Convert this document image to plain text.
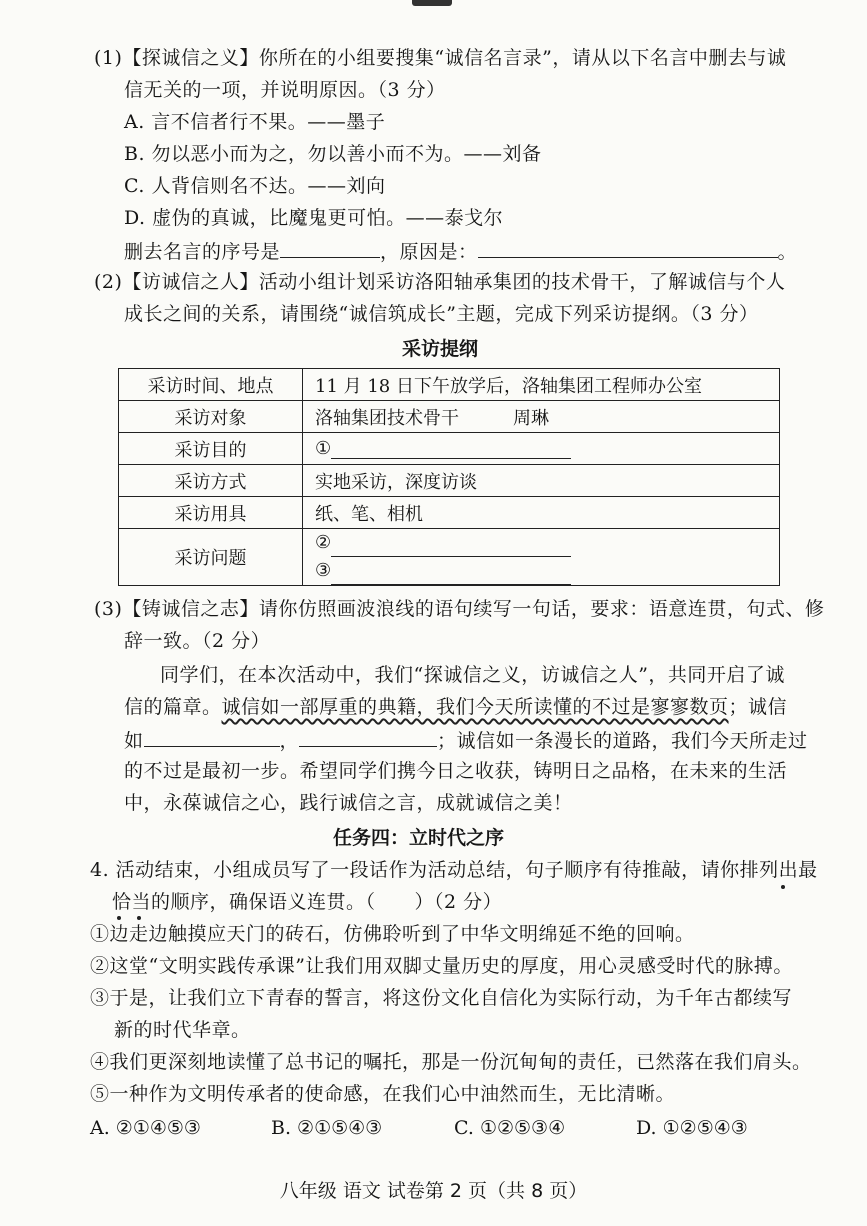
(1)【探诚信之义】你所在的小组要搜集“诚信名言录”，请从以下名言中删去与诚
信无关的一项，并说明原因。（3 分）
A. 言不信者行不果。——墨子
B. 勿以恶小而为之，勿以善小而不为。——刘备
C. 人背信则名不达。——刘向
D. 虚伪的真诚，比魔鬼更可怕。——泰戈尔
删去名言的序号是	，原因是：	。
(2)【访诚信之人】活动小组计划采访洛阳轴承集团的技术骨干，了解诚信与个人
成长之间的关系，请围绕“诚信筑成长”主题，完成下列采访提纲。（3 分）
采访提纲
采访时间、地点	11 月 18 日下午放学后，洛轴集团工程师办公室
采访对象	洛轴集团技术骨干　　　周琳
采访目的	①
采访方式	实地采访，深度访谈
采访用具	纸、笔、相机
采访问题	②
③
(3)【铸诚信之志】请你仿照画波浪线的语句续写一句话，要求：语意连贯，句式、修
辞一致。（2 分）
同学们，在本次活动中，我们“探诚信之义，访诚信之人”，共同开启了诚
信的篇章。诚信如一部厚重的典籍，我们今天所读懂的不过是寥寥数页；诚信
如	，	；诚信如一条漫长的道路，我们今天所走过
的不过是最初一步。希望同学们携今日之收获，铸明日之品格，在未来的生活
中，永葆诚信之心，践行诚信之言，成就诚信之美！
任务四：立时代之序
4. 活动结束，小组成员写了一段话作为活动总结，句子顺序有待推敲，请你排列出最
恰当的顺序，确保语义连贯。（　　）（2 分）
①边走边触摸应天门的砖石，仿佛聆听到了中华文明绵延不绝的回响。
②这堂“文明实践传承课”让我们用双脚丈量历史的厚度，用心灵感受时代的脉搏。
③于是，让我们立下青春的誓言，将这份文化自信化为实际行动，为千年古都续写
新的时代华章。
④我们更深刻地读懂了总书记的嘱托，那是一份沉甸甸的责任，已然落在我们肩头。
⑤一种作为文明传承者的使命感，在我们心中油然而生，无比清晰。
A. ②①④⑤③	B. ②①⑤④③	C. ①②⑤③④	D. ①②⑤④③
八年级 语文 试卷第 2 页（共 8 页）
